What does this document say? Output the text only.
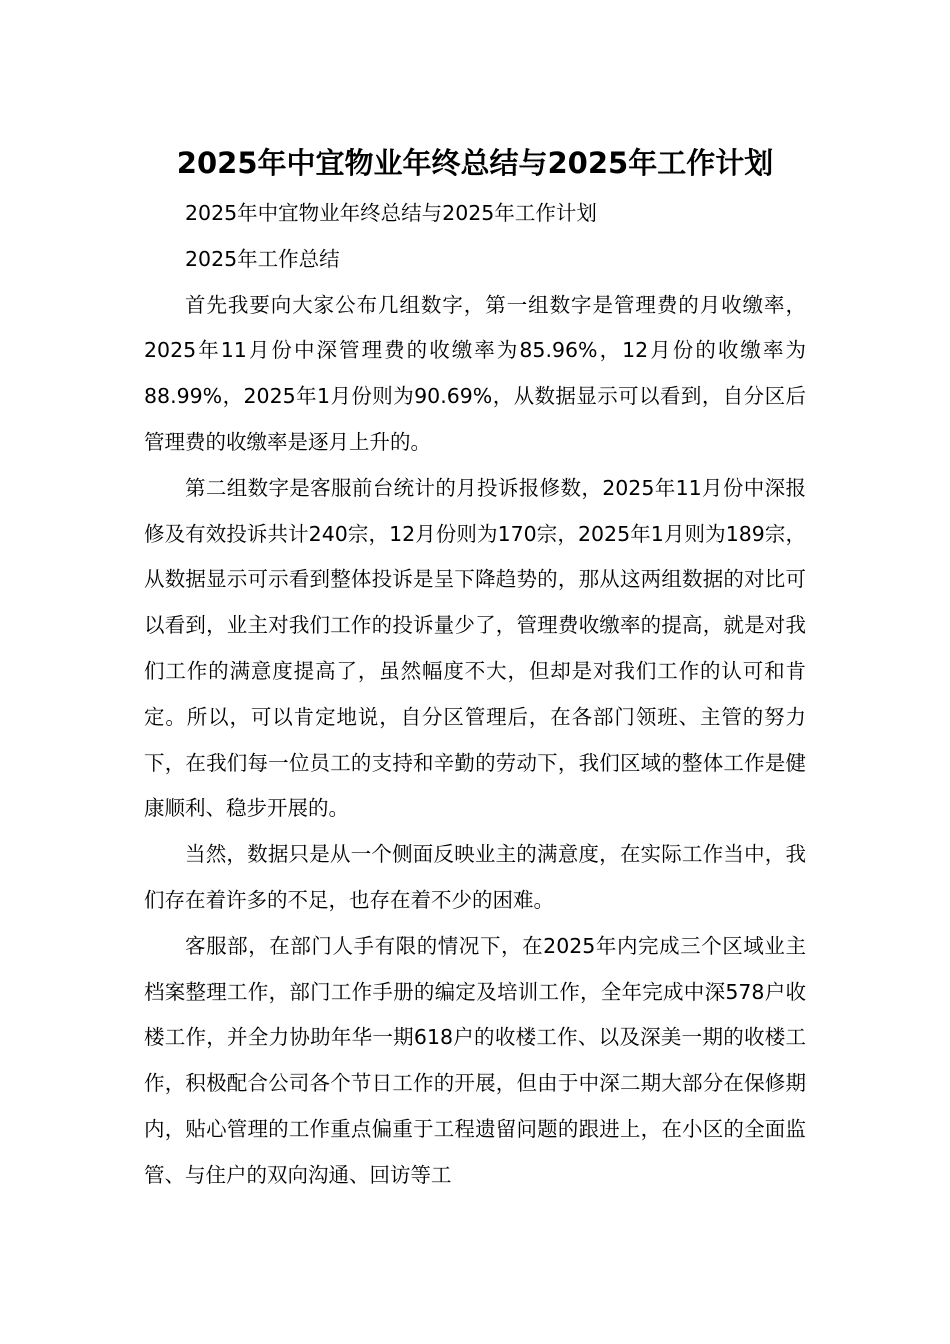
2025年中宜物业年终总结与2025年工作计划

2025年中宜物业年终总结与2025年工作计划

2025年工作总结

首先我要向大家公布几组数字，第一组数字是管理费的月收缴率，2025年11月份中深管理费的收缴率为85.96%，12月份的收缴率为88.99%，2025年1月份则为90.69%，从数据显示可以看到，自分区后管理费的收缴率是逐月上升的。

第二组数字是客服前台统计的月投诉报修数，2025年11月份中深报修及有效投诉共计240宗，12月份则为170宗，2025年1月则为189宗，从数据显示可示看到整体投诉是呈下降趋势的，那从这两组数据的对比可以看到，业主对我们工作的投诉量少了，管理费收缴率的提高，就是对我们工作的满意度提高了，虽然幅度不大，但却是对我们工作的认可和肯定。所以，可以肯定地说，自分区管理后，在各部门领班、主管的努力下，在我们每一位员工的支持和辛勤的劳动下，我们区域的整体工作是健康顺利、稳步开展的。

当然，数据只是从一个侧面反映业主的满意度，在实际工作当中，我们存在着许多的不足，也存在着不少的困难。

客服部，在部门人手有限的情况下，在2025年内完成三个区域业主档案整理工作，部门工作手册的编定及培训工作，全年完成中深578户收楼工作，并全力协助年华一期618户的收楼工作、以及深美一期的收楼工作，积极配合公司各个节日工作的开展，但由于中深二期大部分在保修期内，贴心管理的工作重点偏重于工程遗留问题的跟进上，在小区的全面监管、与住户的双向沟通、回访等工
